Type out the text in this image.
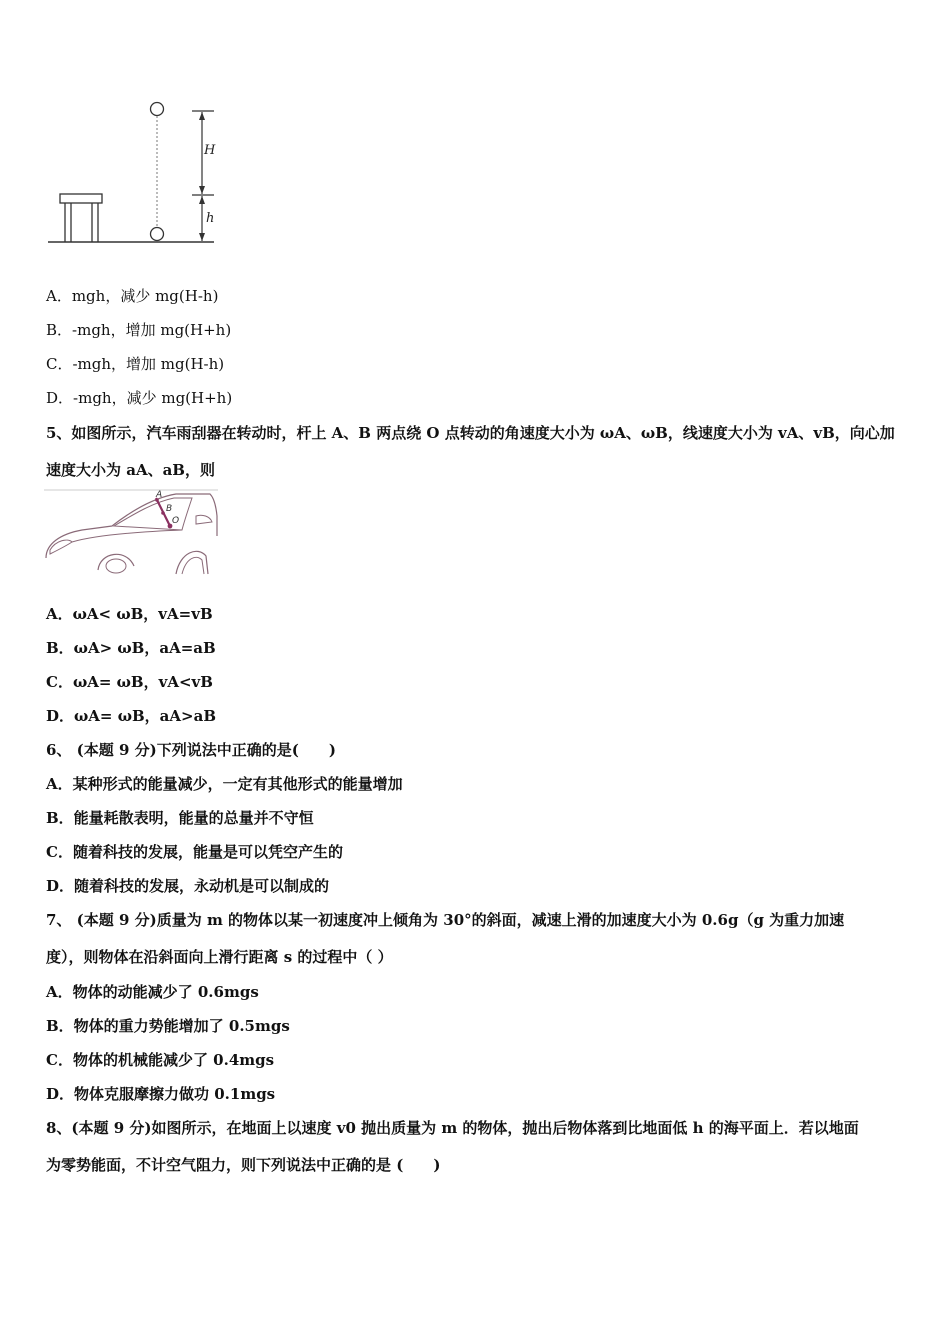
H
h
A．mgh，减少 mg(H-h)
B．-mgh，增加 mg(H+h)
C．-mgh，增加 mg(H-h)
D．-mgh，减少 mg(H+h)
5、如图所示，汽车雨刮器在转动时，杆上 A、B 两点绕 O 点转动的角速度大小为 ωA、ωB，线速度大小为 vA、vB，向心加
速度大小为 aA、aB，则
A
B
O
A．ωA< ωB，vA=vB
B．ωA> ωB，aA=aB
C．ωA= ωB，vA<vB
D．ωA= ωB，aA>aB
6、 (本题 9 分)下列说法中正确的是(　　)
A．某种形式的能量减少，一定有其他形式的能量增加
B．能量耗散表明，能量的总量并不守恒
C．随着科技的发展，能量是可以凭空产生的
D．随着科技的发展，永动机是可以制成的
7、 (本题 9 分)质量为 m 的物体以某一初速度冲上倾角为 30°的斜面，减速上滑的加速度大小为 0.6g（g 为重力加速
度），则物体在沿斜面向上滑行距离 s 的过程中（ ）
A．物体的动能减少了 0.6mgs
B．物体的重力势能增加了 0.5mgs
C．物体的机械能减少了 0.4mgs
D．物体克服摩擦力做功 0.1mgs
8、(本题 9 分)如图所示，在地面上以速度 v0 抛出质量为 m 的物体，抛出后物体落到比地面低 h 的海平面上．若以地面
为零势能面，不计空气阻力，则下列说法中正确的是 (　　)
